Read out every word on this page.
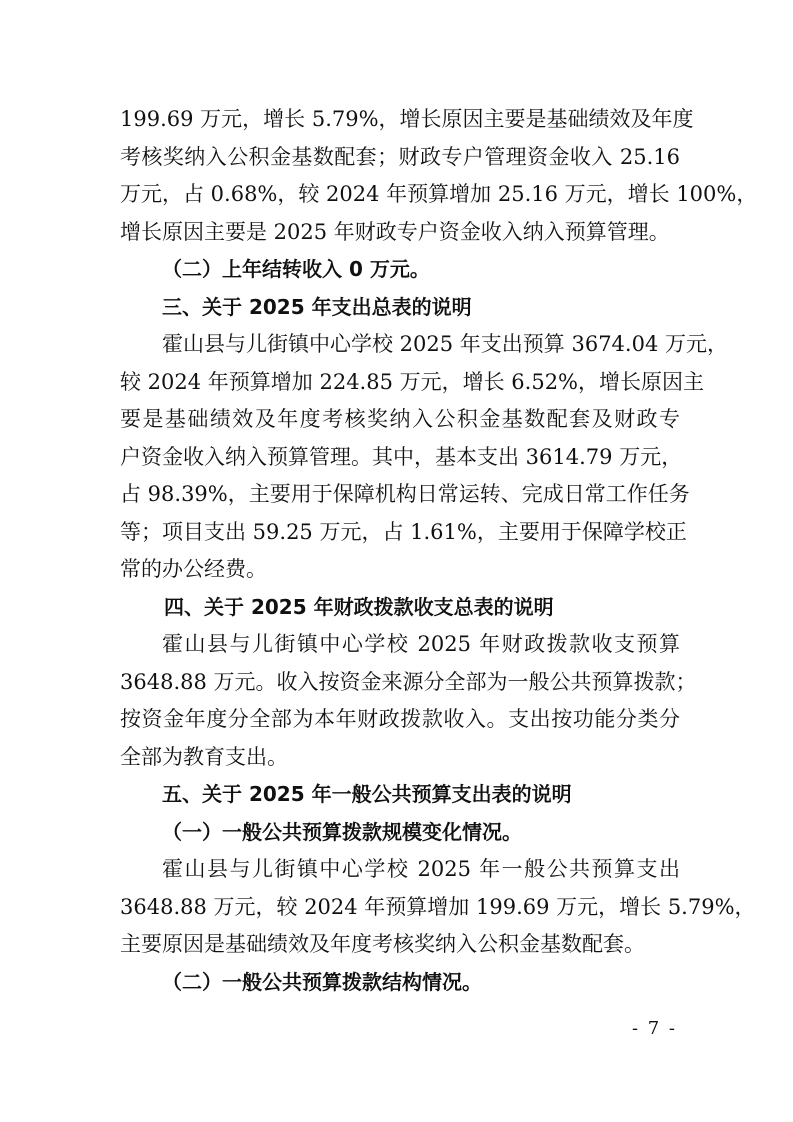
199.69 万元，增长 5.79%，增长原因主要是基础绩效及年度
考核奖纳入公积金基数配套；财政专户管理资金收入 25.16
万元，占 0.68%，较 2024 年预算增加 25.16 万元，增长 100%，
增长原因主要是 2025 年财政专户资金收入纳入预算管理。
（二）上年结转收入 0 万元。
三、关于 2025 年支出总表的说明
霍山县与儿街镇中心学校 2025 年支出预算 3674.04 万元，
较 2024 年预算增加 224.85 万元，增长 6.52%，增长原因主
要是基础绩效及年度考核奖纳入公积金基数配套及财政专
户资金收入纳入预算管理。其中，基本支出 3614.79 万元，
占 98.39%，主要用于保障机构日常运转、完成日常工作任务
等；项目支出 59.25 万元，占 1.61%，主要用于保障学校正
常的办公经费。
四、关于 2025 年财政拨款收支总表的说明
霍山县与儿街镇中心学校 2025 年财政拨款收支预算
3648.88 万元。收入按资金来源分全部为一般公共预算拨款；
按资金年度分全部为本年财政拨款收入。支出按功能分类分
全部为教育支出。
五、关于 2025 年一般公共预算支出表的说明
（一）一般公共预算拨款规模变化情况。
霍山县与儿街镇中心学校 2025 年一般公共预算支出
3648.88 万元，较 2024 年预算增加 199.69 万元，增长 5.79%，
主要原因是基础绩效及年度考核奖纳入公积金基数配套。
（二）一般公共预算拨款结构情况。
- 7 -
